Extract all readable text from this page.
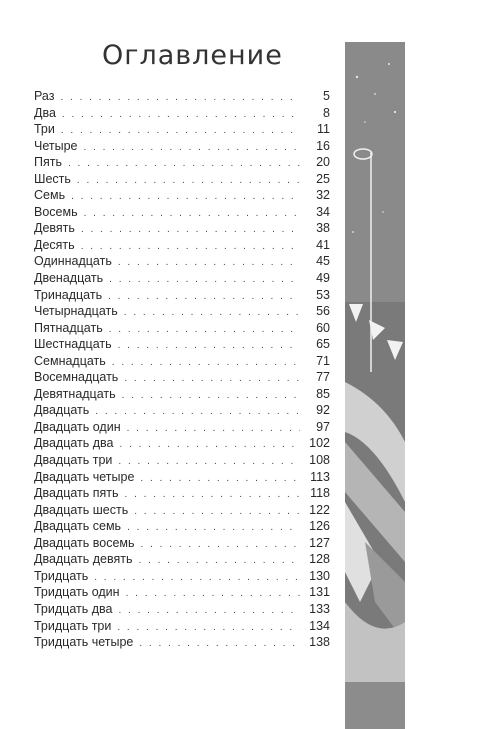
Оглавление
Раз . . .	5
Два . . .	8
Три . . .	11
Четыре . . .	16
Пять . . .	20
Шесть . . .	25
Семь . . .	32
Восемь . . .	34
Девять . . .	38
Десять . . .	41
Одиннадцать . . .	45
Двенадцать . . .	49
Тринадцать . . .	53
Четырнадцать . . .	56
Пятнадцать . . .	60
Шестнадцать . . .	65
Семнадцать . . .	71
Восемнадцать . . .	77
Девятнадцать . . .	85
Двадцать . . .	92
Двадцать один . . .	97
Двадцать два . . .	102
Двадцать три . . .	108
Двадцать четыре . . .	113
Двадцать пять . . .	118
Двадцать шесть . . .	122
Двадцать семь . . .	126
Двадцать восемь . . .	127
Двадцать девять . . .	128
Тридцать . . .	130
Тридцать один . . .	131
Тридцать два . . .	133
Тридцать три . . .	134
Тридцать четыре . . .	138
